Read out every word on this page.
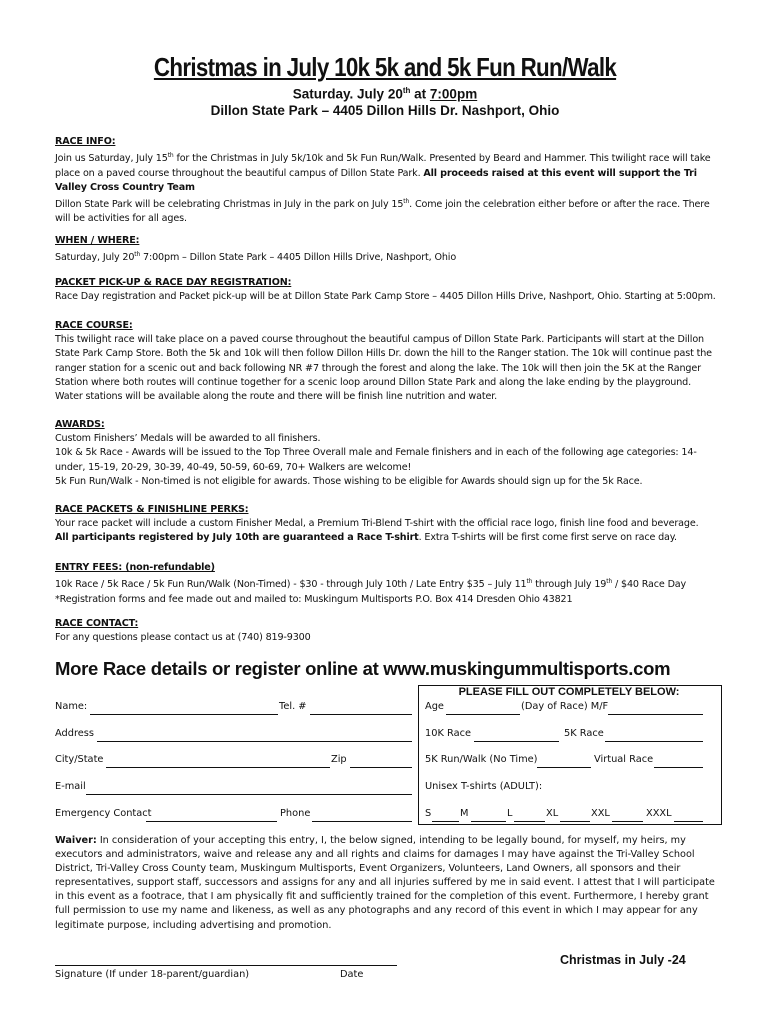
Christmas in July 10k 5k and 5k Fun Run/Walk
Saturday. July 20th at 7:00pm
Dillon State Park – 4405 Dillon Hills Dr. Nashport, Ohio
RACE INFO:

Join us Saturday, July 15th for the Christmas in July 5k/10k and 5k Fun Run/Walk. Presented by Beard and Hammer. This twilight race will take place on a paved course throughout the beautiful campus of Dillon State Park. All proceeds raised at this event will support the Tri Valley Cross Country Team

Dillon State Park will be celebrating Christmas in July in the park on July 15th. Come join the celebration either before or after the race. There will be activities for all ages.

WHEN / WHERE:

Saturday, July 20th 7:00pm – Dillon State Park – 4405 Dillon Hills Drive, Nashport, Ohio

PACKET PICK-UP & RACE DAY REGISTRATION:

Race Day registration and Packet pick-up will be at Dillon State Park Camp Store – 4405 Dillon Hills Drive, Nashport, Ohio. Starting at 5:00pm.

RACE COURSE:

This twilight race will take place on a paved course throughout the beautiful campus of Dillon State Park. Participants will start at the Dillon State Park Camp Store. Both the 5k and 10k will then follow Dillon Hills Dr. down the hill to the Ranger station. The 10k will continue past the ranger station for a scenic out and back following NR #7 through the forest and along the lake. The 10k will then join the 5K at the Ranger Station where both routes will continue together for a scenic loop around Dillon State Park and along the lake ending by the playground. Water stations will be available along the route and there will be finish line nutrition and water.

AWARDS:

Custom Finishers’ Medals will be awarded to all finishers.

10k & 5k Race - Awards will be issued to the Top Three Overall male and Female finishers and in each of the following age categories: 14-under, 15-19, 20-29, 30-39, 40-49, 50-59, 60-69, 70+ Walkers are welcome!

5k Fun Run/Walk - Non-timed is not eligible for awards. Those wishing to be eligible for Awards should sign up for the 5k Race.

RACE PACKETS & FINISHLINE PERKS:

Your race packet will include a custom Finisher Medal, a Premium Tri-Blend T-shirt with the official race logo, finish line food and beverage.

All participants registered by July 10th are guaranteed a Race T-shirt. Extra T-shirts will be first come first serve on race day.

ENTRY FEES: (non-refundable)

10k Race / 5k Race / 5k Fun Run/Walk (Non-Timed) - $30 - through July 10th / Late Entry $35 – July 11th through July 19th / $40 Race Day

*Registration forms and fee made out and mailed to: Muskingum Multisports P.O. Box 414 Dresden Ohio 43821

RACE CONTACT:

For any questions please contact us at (740) 819-9300

More Race details or register online at www.muskingummultisports.com
Name:	Tel. #
Address
City/State	Zip
E-mail
Emergency Contact	Phone
PLEASE FILL OUT COMPLETELY BELOW:
Age	(Day of Race) M/F
10K Race	5K Race
5K Run/Walk (No Time)	Virtual Race
Unisex T-shirts (ADULT):
S	M	L	XL	XXL	XXXL
Waiver: In consideration of your accepting this entry, I, the below signed, intending to be legally bound, for myself, my heirs, my executors and administrators, waive and release any and all rights and claims for damages I may have against the Tri-Valley School District, Tri-Valley Cross County team, Muskingum Multisports, Event Organizers, Volunteers, Land Owners, all sponsors and their representatives, support staff, successors and assigns for any and all injuries suffered by me in said event. I attest that I will participate in this event as a footrace, that I am physically fit and sufficiently trained for the completion of this event. Furthermore, I hereby grant full permission to use my name and likeness, as well as any photographs and any record of this event in which I may appear for any legitimate purpose, including advertising and promotion.
Signature (If under 18-parent/guardian)	Date
Christmas in July -24
